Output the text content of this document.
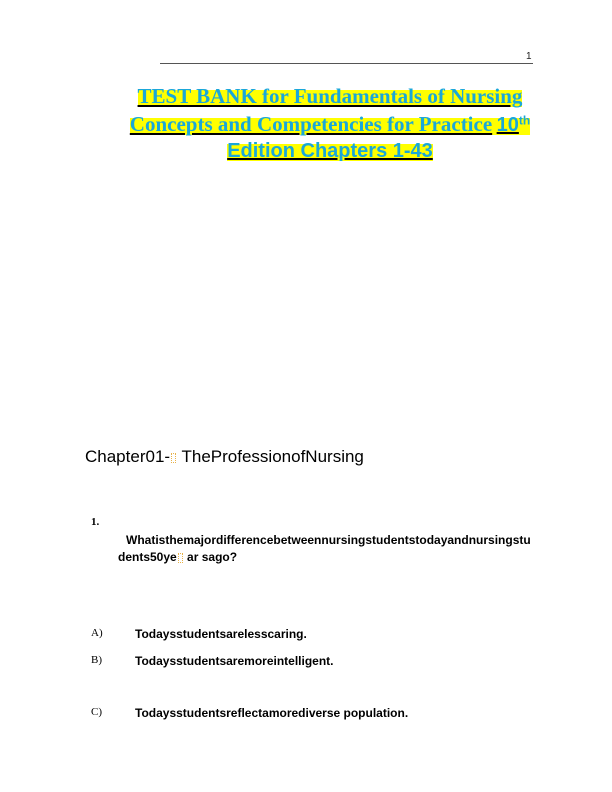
1
TEST BANK for Fundamentals of Nursing
Concepts and Competencies for Practice 10th
Edition Chapters 1-43
Chapter01- TheProfessionofNursing
1.
Whatisthemajordifferencebetweennursingstudentstodayandnursingstudents50ye ar sago?
A)	Todaysstudentsarelesscaring.
B)	Todaysstudentsaremoreintelligent.
C)	Todaysstudentsreflectamorediverse population.
